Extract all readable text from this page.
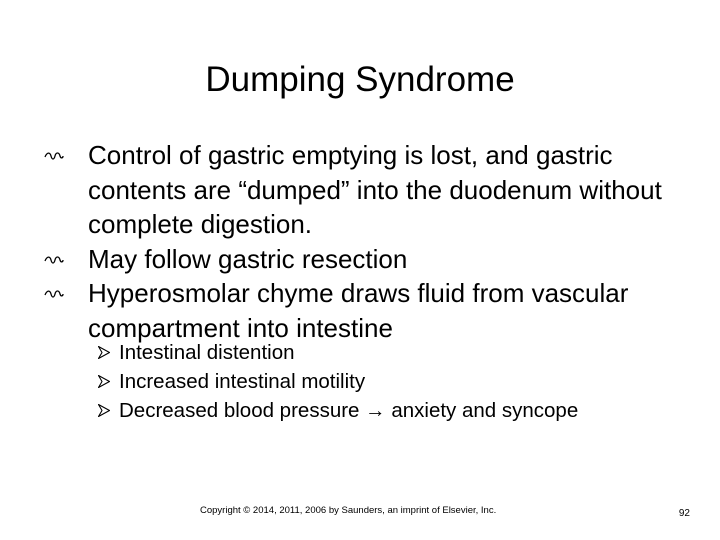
Dumping Syndrome
Control of gastric emptying is lost, and gastric contents are “dumped” into the duodenum without complete digestion.
May follow gastric resection
Hyperosmolar chyme draws fluid from vascular compartment into intestine
Intestinal distention
Increased intestinal motility
Decreased blood pressure → anxiety and syncope
Copyright © 2014, 2011, 2006 by Saunders, an imprint of Elsevier, Inc.	92
